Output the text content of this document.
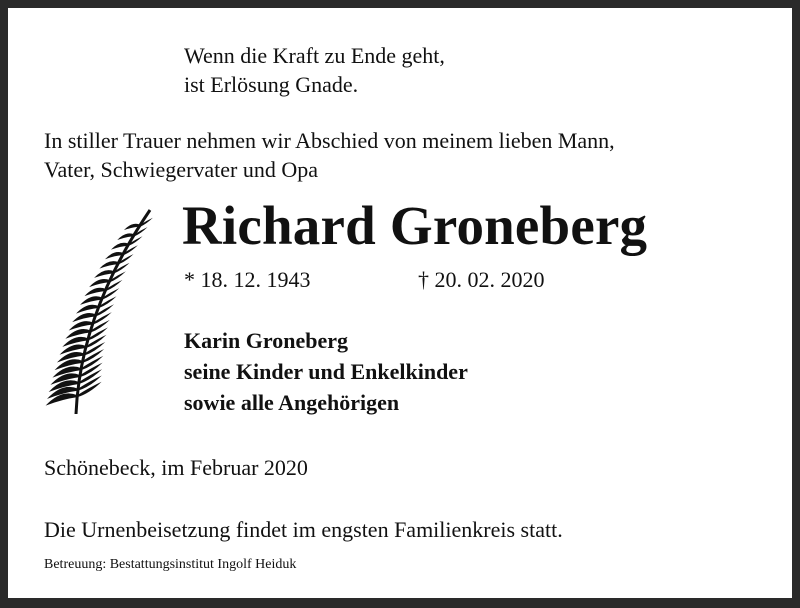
Wenn die Kraft zu Ende geht,
ist Erlösung Gnade.
In stiller Trauer nehmen wir Abschied von meinem lieben Mann,
Vater, Schwiegervater und Opa
Richard Groneberg
* 18. 12. 1943	† 20. 02. 2020
Karin Groneberg
seine Kinder und Enkelkinder
sowie alle Angehörigen
Schönebeck, im Februar 2020
Die Urnenbeisetzung findet im engsten Familienkreis statt.
Betreuung: Bestattungsinstitut Ingolf Heiduk
